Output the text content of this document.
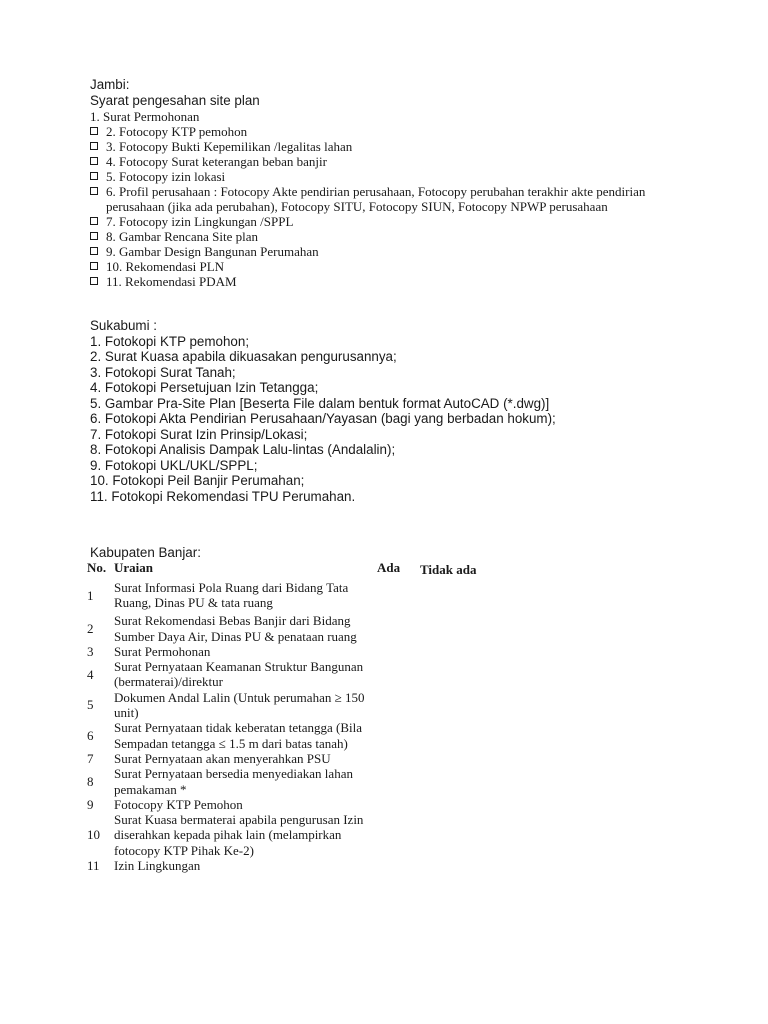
Jambi:
Syarat pengesahan site plan
1. Surat Permohonan
2. Fotocopy KTP pemohon
3. Fotocopy Bukti Kepemilikan /legalitas lahan
4. Fotocopy Surat keterangan beban banjir
5. Fotocopy izin lokasi
6. Profil perusahaan : Fotocopy Akte pendirian perusahaan, Fotocopy perubahan terakhir akte pendirian perusahaan (jika ada perubahan), Fotocopy SITU, Fotocopy SIUN, Fotocopy NPWP perusahaan
7. Fotocopy izin Lingkungan /SPPL
8. Gambar Rencana Site plan
9. Gambar Design Bangunan Perumahan
10. Rekomendasi PLN
11. Rekomendasi PDAM
Sukabumi :
1. Fotokopi KTP pemohon;
2. Surat Kuasa apabila dikuasakan pengurusannya;
3. Fotokopi Surat Tanah;
4. Fotokopi Persetujuan Izin Tetangga;
5. Gambar Pra-Site Plan [Beserta File dalam bentuk format AutoCAD (*.dwg)]
6. Fotokopi Akta Pendirian Perusahaan/Yayasan (bagi yang berbadan hokum);
7. Fotokopi Surat Izin Prinsip/Lokasi;
8. Fotokopi Analisis Dampak Lalu-lintas (Andalalin);
9. Fotokopi UKL/UKL/SPPL;
10. Fotokopi Peil Banjir Perumahan;
11. Fotokopi Rekomendasi TPU Perumahan.
Kabupaten Banjar:
No.	Uraian	Ada	Tidak ada
1	Surat Informasi Pola Ruang dari Bidang Tata Ruang, Dinas PU & tata ruang		
2	Surat Rekomendasi Bebas Banjir dari Bidang Sumber Daya Air, Dinas PU & penataan ruang		
3	Surat Permohonan		
4	Surat Pernyataan Keamanan Struktur Bangunan (bermaterai)/direktur		
5	Dokumen Andal Lalin (Untuk perumahan ≥ 150 unit)		
6	Surat Pernyataan tidak keberatan tetangga (Bila Sempadan tetangga ≤ 1.5 m dari batas tanah)		
7	Surat Pernyataan akan menyerahkan PSU		
8	Surat Pernyataan bersedia menyediakan lahan pemakaman *		
9	Fotocopy KTP Pemohon		
10	Surat Kuasa bermaterai apabila pengurusan Izin diserahkan kepada pihak lain (melampirkan fotocopy KTP Pihak Ke-2)		
11	Izin Lingkungan		
